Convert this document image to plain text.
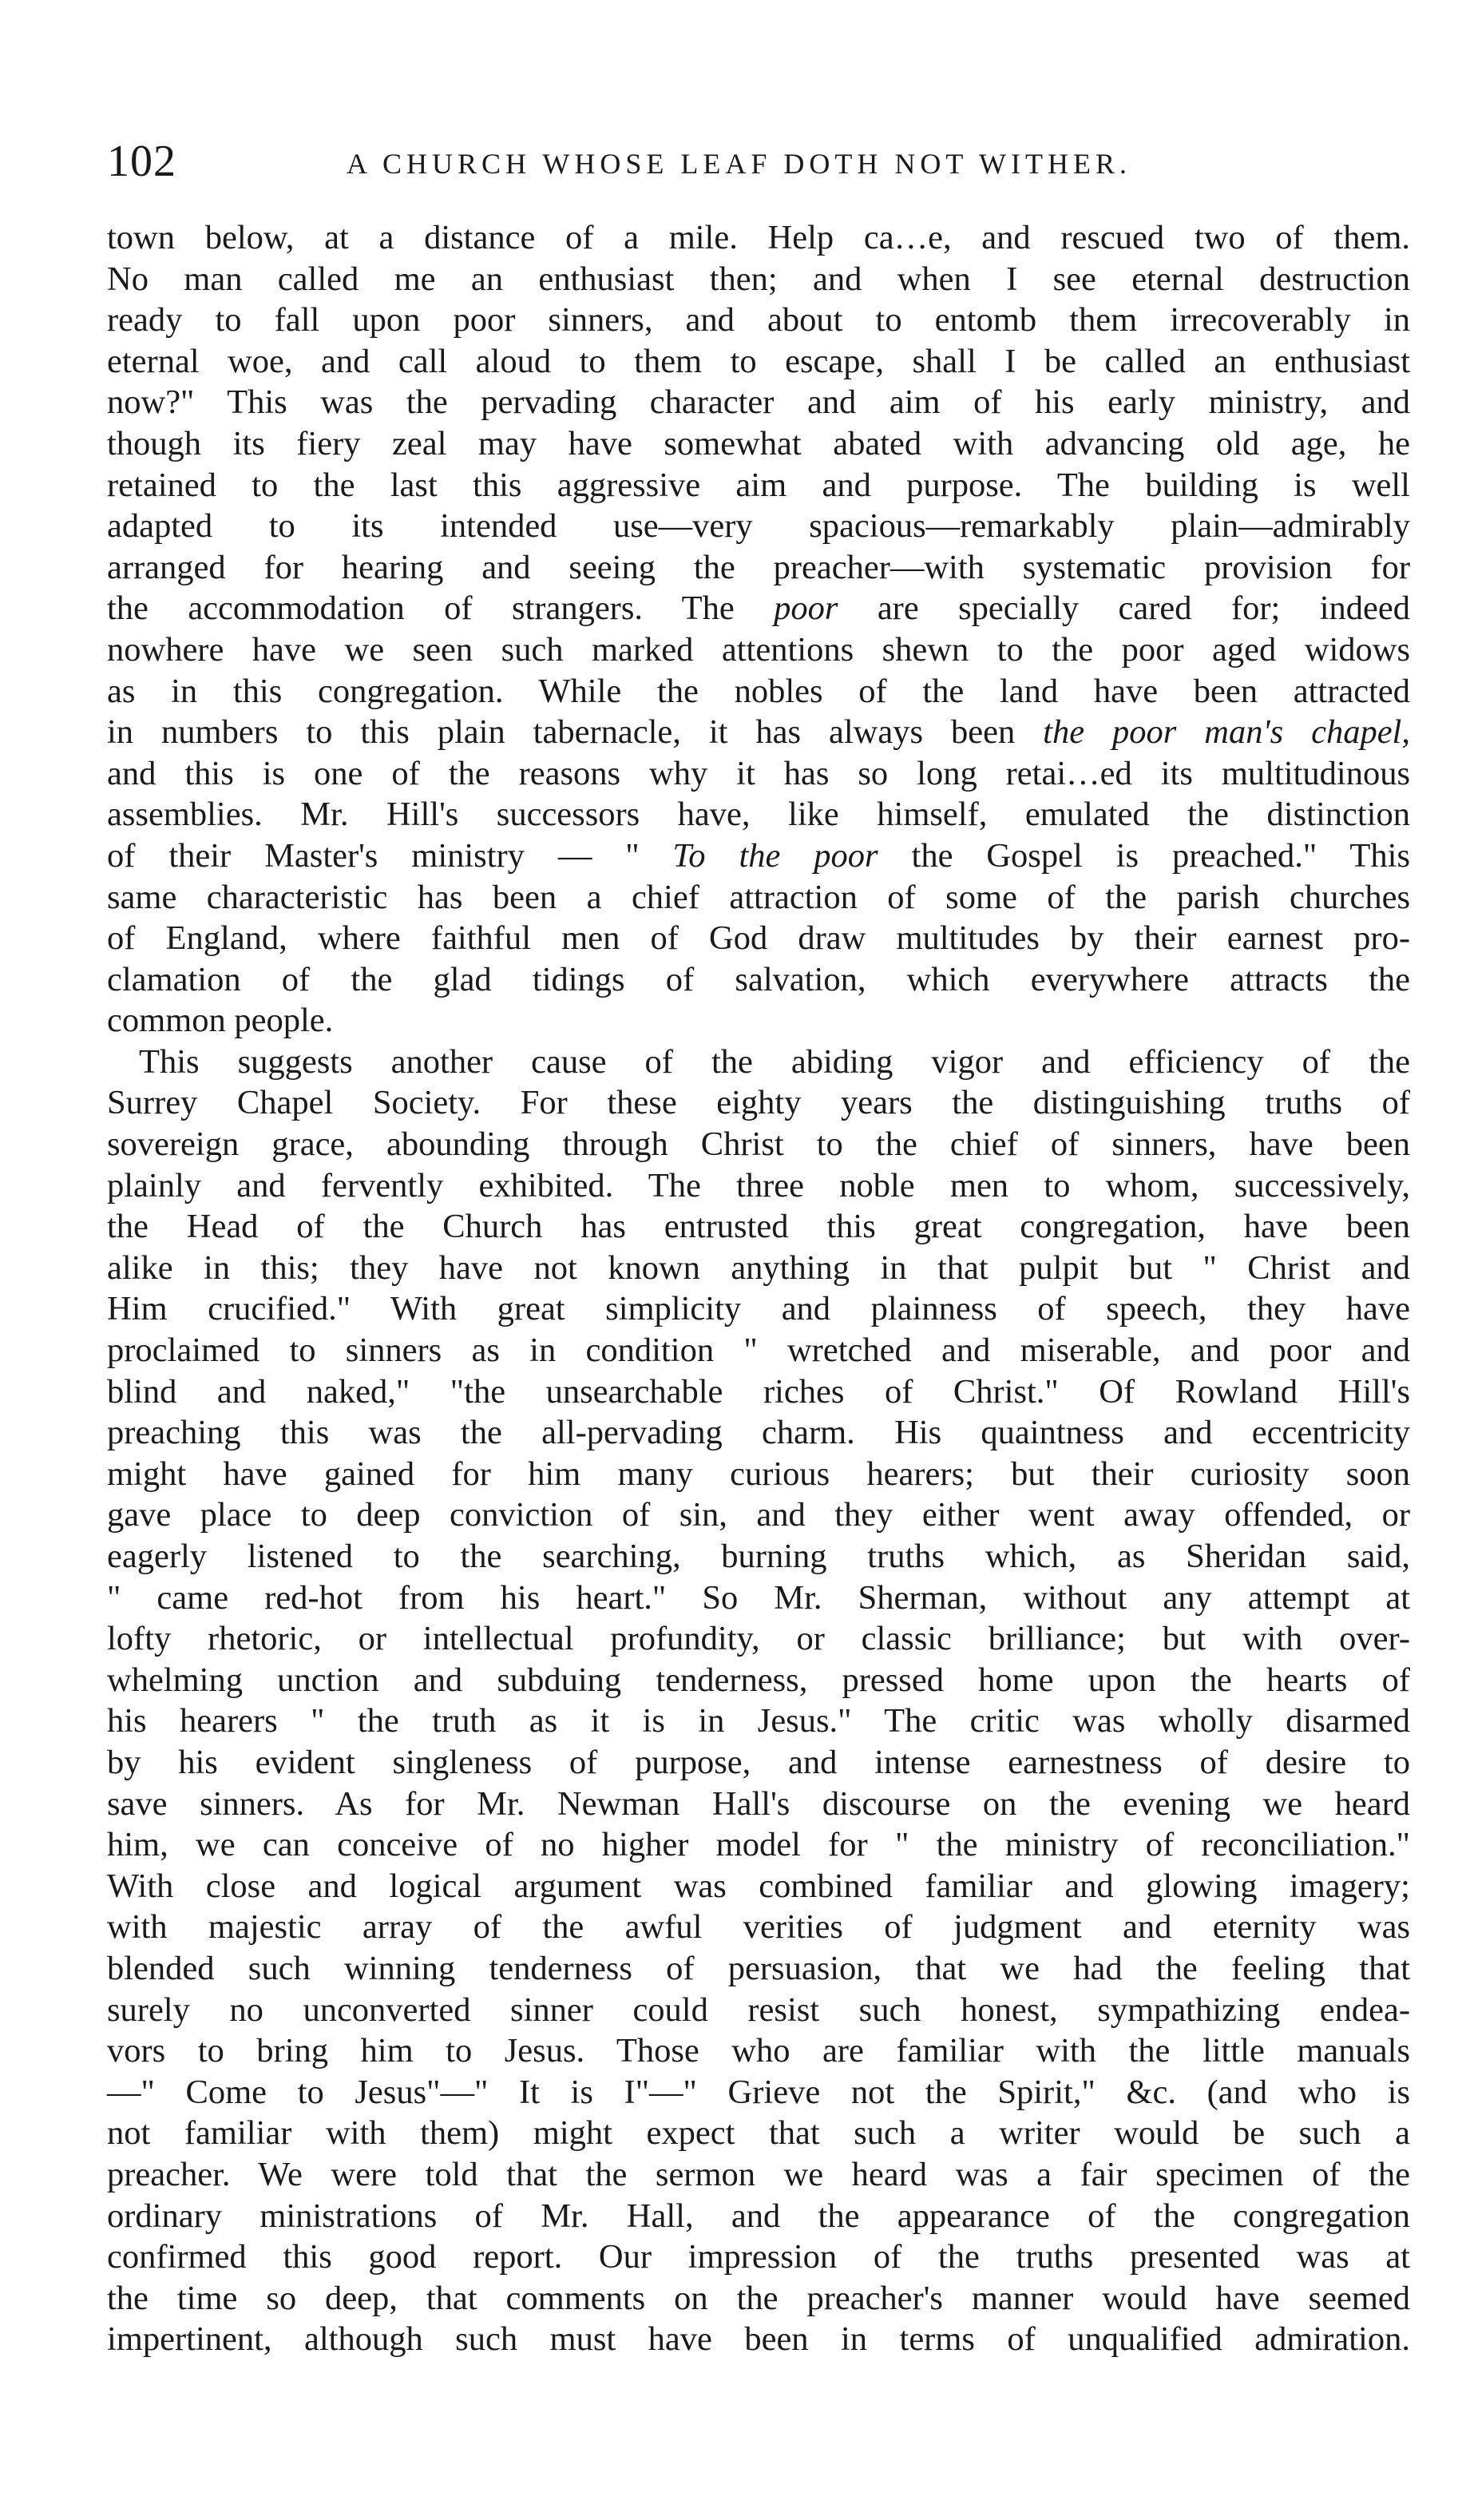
102	A CHURCH WHOSE LEAF DOTH NOT WITHER.
town below, at a distance of a mile. Help ca…e, and rescued two of them.
No man called me an enthusiast then; and when I see eternal destruction
ready to fall upon poor sinners, and about to entomb them irrecoverably in
eternal woe, and call aloud to them to escape, shall I be called an enthusiast
now?" This was the pervading character and aim of his early ministry, and
though its fiery zeal may have somewhat abated with advancing old age, he
retained to the last this aggressive aim and purpose. The building is well
adapted to its intended use—very spacious—remarkably plain—admirably
arranged for hearing and seeing the preacher—with systematic provision for
the accommodation of strangers. The poor are specially cared for; indeed
nowhere have we seen such marked attentions shewn to the poor aged widows
as in this congregation. While the nobles of the land have been attracted
in numbers to this plain tabernacle, it has always been the poor man's chapel,
and this is one of the reasons why it has so long retai…ed its multitudinous
assemblies. Mr. Hill's successors have, like himself, emulated the distinction
of their Master's ministry — " To the poor the Gospel is preached." This
same characteristic has been a chief attraction of some of the parish churches
of England, where faithful men of God draw multitudes by their earnest pro-
clamation of the glad tidings of salvation, which everywhere attracts the
common people.
This suggests another cause of the abiding vigor and efficiency of the
Surrey Chapel Society. For these eighty years the distinguishing truths of
sovereign grace, abounding through Christ to the chief of sinners, have been
plainly and fervently exhibited. The three noble men to whom, successively,
the Head of the Church has entrusted this great congregation, have been
alike in this; they have not known anything in that pulpit but " Christ and
Him crucified." With great simplicity and plainness of speech, they have
proclaimed to sinners as in condition " wretched and miserable, and poor and
blind and naked," "the unsearchable riches of Christ." Of Rowland Hill's
preaching this was the all-pervading charm. His quaintness and eccentricity
might have gained for him many curious hearers; but their curiosity soon
gave place to deep conviction of sin, and they either went away offended, or
eagerly listened to the searching, burning truths which, as Sheridan said,
" came red-hot from his heart." So Mr. Sherman, without any attempt at
lofty rhetoric, or intellectual profundity, or classic brilliance; but with over-
whelming unction and subduing tenderness, pressed home upon the hearts of
his hearers " the truth as it is in Jesus." The critic was wholly disarmed
by his evident singleness of purpose, and intense earnestness of desire to
save sinners. As for Mr. Newman Hall's discourse on the evening we heard
him, we can conceive of no higher model for " the ministry of reconciliation."
With close and logical argument was combined familiar and glowing imagery;
with majestic array of the awful verities of judgment and eternity was
blended such winning tenderness of persuasion, that we had the feeling that
surely no unconverted sinner could resist such honest, sympathizing endea-
vors to bring him to Jesus. Those who are familiar with the little manuals
—" Come to Jesus"—" It is I"—" Grieve not the Spirit," &c. (and who is
not familiar with them) might expect that such a writer would be such a
preacher. We were told that the sermon we heard was a fair specimen of the
ordinary ministrations of Mr. Hall, and the appearance of the congregation
confirmed this good report. Our impression of the truths presented was at
the time so deep, that comments on the preacher's manner would have seemed
impertinent, although such must have been in terms of unqualified admiration.
